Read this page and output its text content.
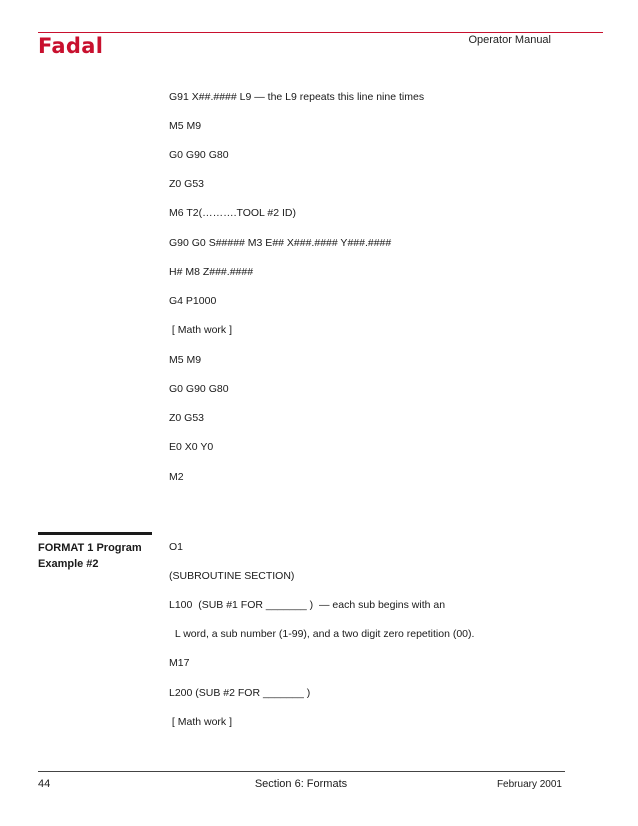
Fadal	Operator Manual
G91 X##.#### L9 — the L9 repeats this line nine times
M5 M9
G0 G90 G80
Z0 G53
M6 T2(……….TOOL #2 ID)
G90 G0 S##### M3 E## X###.#### Y###.####
H# M8 Z###.####
G4 P1000
[ Math work ]
M5 M9
G0 G90 G80
Z0 G53
E0 X0 Y0
M2
FORMAT 1 Program
Example #2
O1
(SUBROUTINE SECTION)
L100  (SUB #1 FOR _______ )  — each sub begins with an
L word, a sub number (1-99), and a two digit zero repetition (00).
M17
L200 (SUB #2 FOR _______ )
[ Math work ]
44	Section 6: Formats	February 2001
